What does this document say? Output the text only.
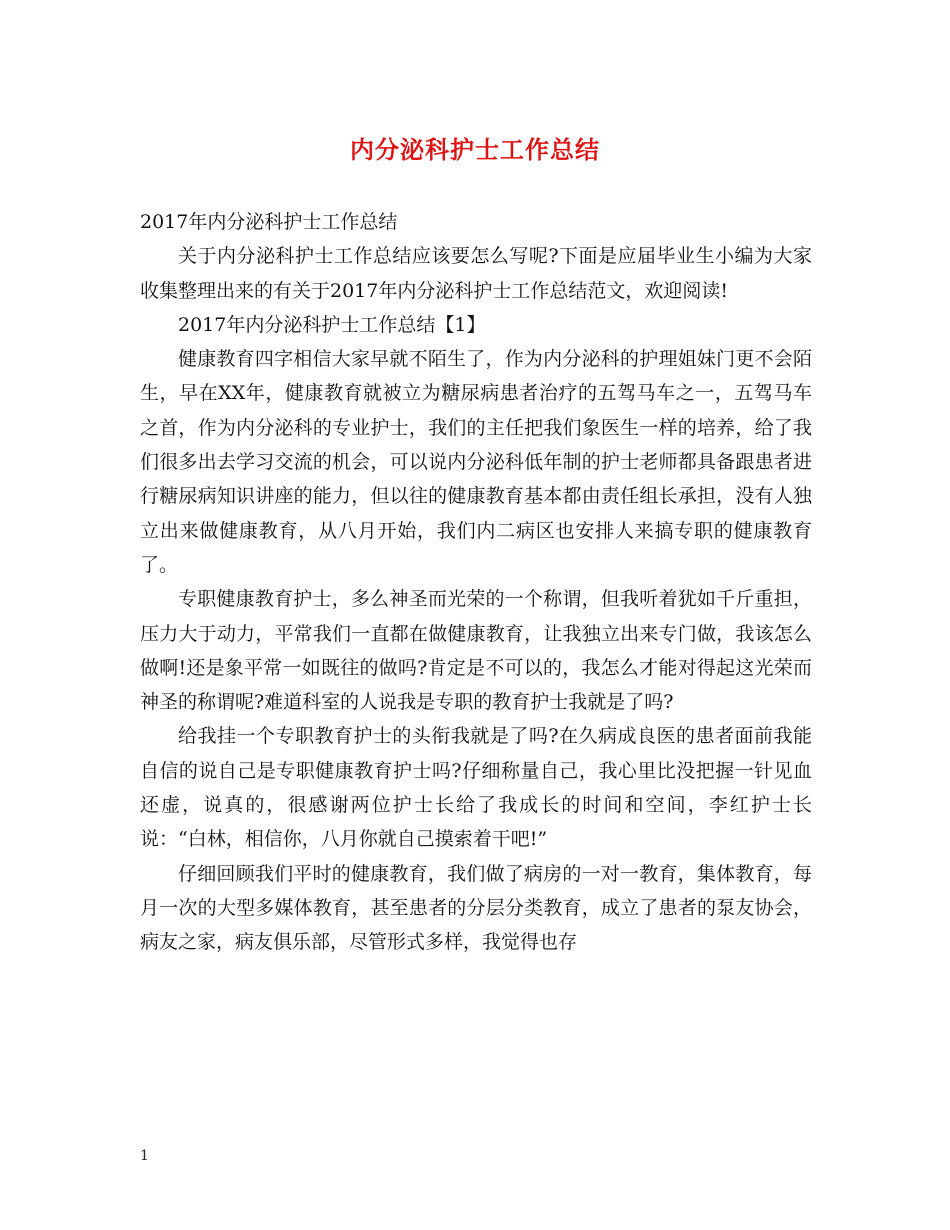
内分泌科护士工作总结

2017年内分泌科护士工作总结

关于内分泌科护士工作总结应该要怎么写呢?下面是应届毕业生小编为大家收集整理出来的有关于2017年内分泌科护士工作总结范文，欢迎阅读!

2017年内分泌科护士工作总结【1】

健康教育四字相信大家早就不陌生了，作为内分泌科的护理姐妹门更不会陌生，早在XX年，健康教育就被立为糖尿病患者治疗的五驾马车之一，五驾马车之首，作为内分泌科的专业护士，我们的主任把我们象医生一样的培养，给了我们很多出去学习交流的机会，可以说内分泌科低年制的护士老师都具备跟患者进行糖尿病知识讲座的能力，但以往的健康教育基本都由责任组长承担，没有人独立出来做健康教育，从八月开始，我们内二病区也安排人来搞专职的健康教育了。

专职健康教育护士，多么神圣而光荣的一个称谓，但我听着犹如千斤重担，压力大于动力，平常我们一直都在做健康教育，让我独立出来专门做，我该怎么做啊!还是象平常一如既往的做吗?肯定是不可以的，我怎么才能对得起这光荣而神圣的称谓呢?难道科室的人说我是专职的教育护士我就是了吗?

给我挂一个专职教育护士的头衔我就是了吗?在久病成良医的患者面前我能自信的说自己是专职健康教育护士吗?仔细称量自己，我心里比没把握一针见血还虚，说真的，很感谢两位护士长给了我成长的时间和空间，李红护士长说：“白林，相信你，八月你就自己摸索着干吧!”

仔细回顾我们平时的健康教育，我们做了病房的一对一教育，集体教育，每月一次的大型多媒体教育，甚至患者的分层分类教育，成立了患者的泵友协会，病友之家，病友俱乐部，尽管形式多样，我觉得也存

1
